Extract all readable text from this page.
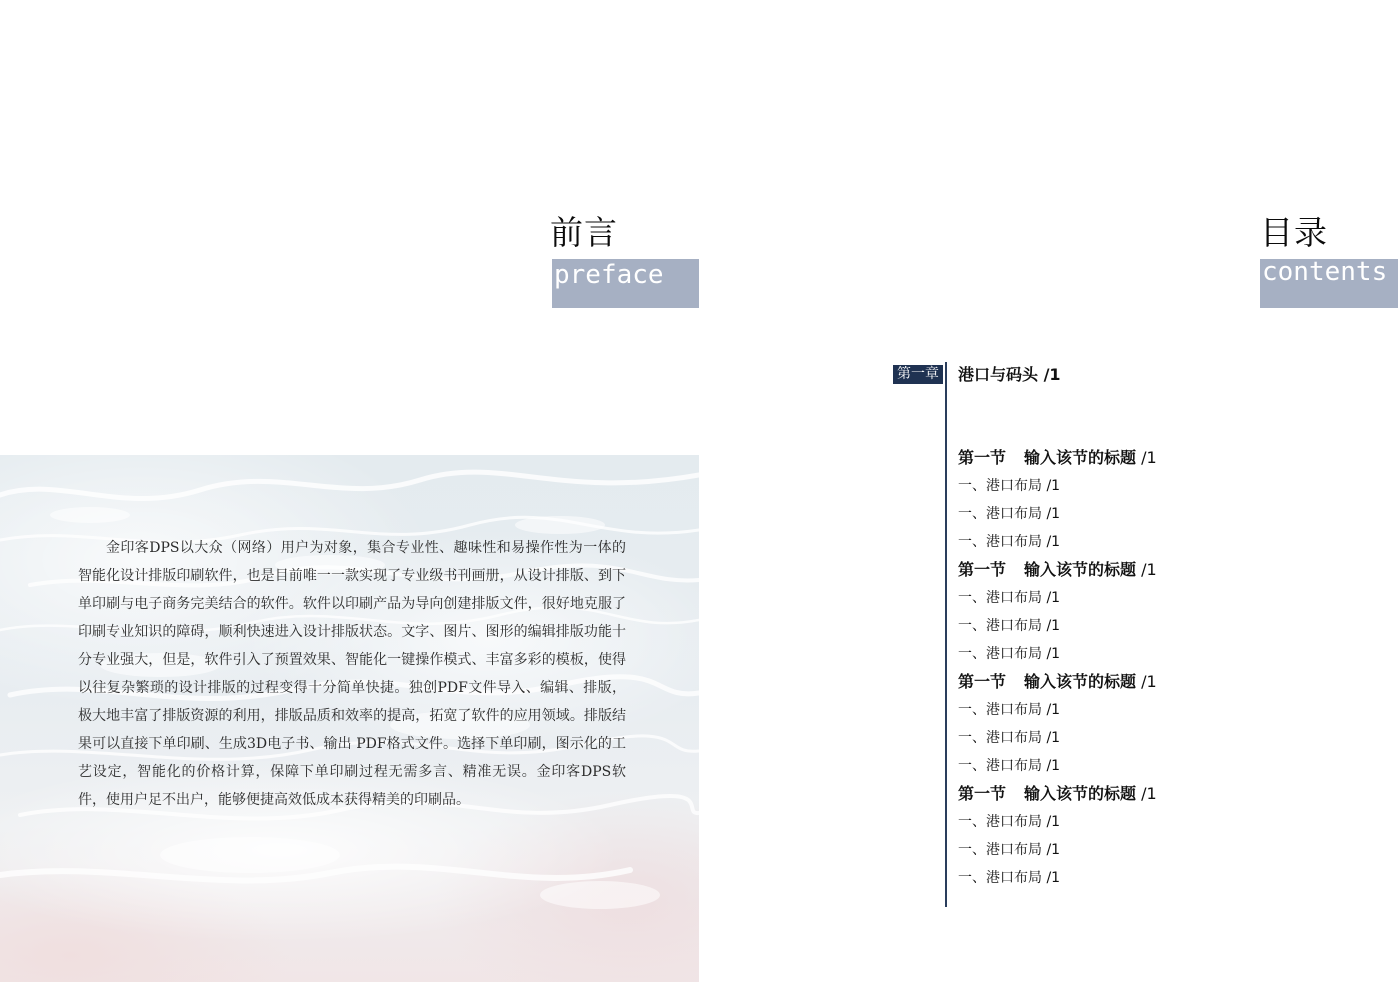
前言
preface

金印客DPS以大众（网络）用户为对象，集合专业性、趣味性和易操作性为一体的智能化设计排版印刷软件，也是目前唯一一款实现了专业级书刊画册，从设计排版、到下单印刷与电子商务完美结合的软件。软件以印刷产品为导向创建排版文件，很好地克服了印刷专业知识的障碍，顺利快速进入设计排版状态。文字、图片、图形的编辑排版功能十分专业强大，但是，软件引入了预置效果、智能化一键操作模式、丰富多彩的模板，使得以往复杂繁琐的设计排版的过程变得十分简单快捷。独创PDF文件导入、编辑、排版，极大地丰富了排版资源的利用，排版品质和效率的提高，拓宽了软件的应用领域。排版结果可以直接下单印刷、生成3D电子书、输出 PDF格式文件。选择下单印刷，图示化的工艺设定，智能化的价格计算，保障下单印刷过程无需多言、精准无误。金印客DPS软件，使用户足不出户，能够便捷高效低成本获得精美的印刷品。

目录
contents
第一章 港口与码头 /1
第一节 输入该节的标题 /1
一、港口布局 /1
一、港口布局 /1
一、港口布局 /1
第一节 输入该节的标题 /1
一、港口布局 /1
一、港口布局 /1
一、港口布局 /1
第一节 输入该节的标题 /1
一、港口布局 /1
一、港口布局 /1
一、港口布局 /1
第一节 输入该节的标题 /1
一、港口布局 /1
一、港口布局 /1
一、港口布局 /1
